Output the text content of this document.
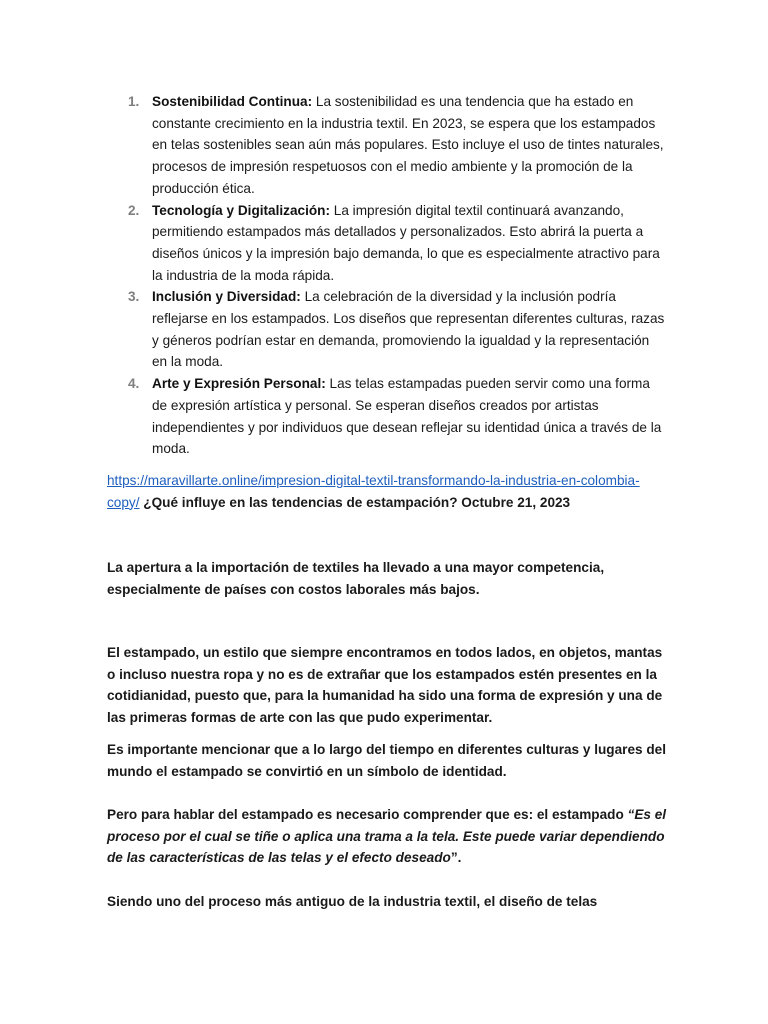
1. Sostenibilidad Continua: La sostenibilidad es una tendencia que ha estado en constante crecimiento en la industria textil. En 2023, se espera que los estampados en telas sostenibles sean aún más populares. Esto incluye el uso de tintes naturales, procesos de impresión respetuosos con el medio ambiente y la promoción de la producción ética.
2. Tecnología y Digitalización: La impresión digital textil continuará avanzando, permitiendo estampados más detallados y personalizados. Esto abrirá la puerta a diseños únicos y la impresión bajo demanda, lo que es especialmente atractivo para la industria de la moda rápida.
3. Inclusión y Diversidad: La celebración de la diversidad y la inclusión podría reflejarse en los estampados. Los diseños que representan diferentes culturas, razas y géneros podrían estar en demanda, promoviendo la igualdad y la representación en la moda.
4. Arte y Expresión Personal: Las telas estampadas pueden servir como una forma de expresión artística y personal. Se esperan diseños creados por artistas independientes y por individuos que desean reflejar su identidad única a través de la moda.
https://maravillarte.online/impresion-digital-textil-transformando-la-industria-en-colombia-copy/ ¿Qué influye en las tendencias de estampación? Octubre 21, 2023

La apertura a la importación de textiles ha llevado a una mayor competencia, especialmente de países con costos laborales más bajos.

El estampado, un estilo que siempre encontramos en todos lados, en objetos, mantas o incluso nuestra ropa y no es de extrañar que los estampados estén presentes en la cotidianidad, puesto que, para la humanidad ha sido una forma de expresión y una de las primeras formas de arte con las que pudo experimentar.

Es importante mencionar que a lo largo del tiempo en diferentes culturas y lugares del mundo el estampado se convirtió en un símbolo de identidad.

Pero para hablar del estampado es necesario comprender que es: el estampado “Es el proceso por el cual se tiñe o aplica una trama a la tela. Este puede variar dependiendo de las características de las telas y el efecto deseado”.

Siendo uno del proceso más antiguo de la industria textil, el diseño de telas
